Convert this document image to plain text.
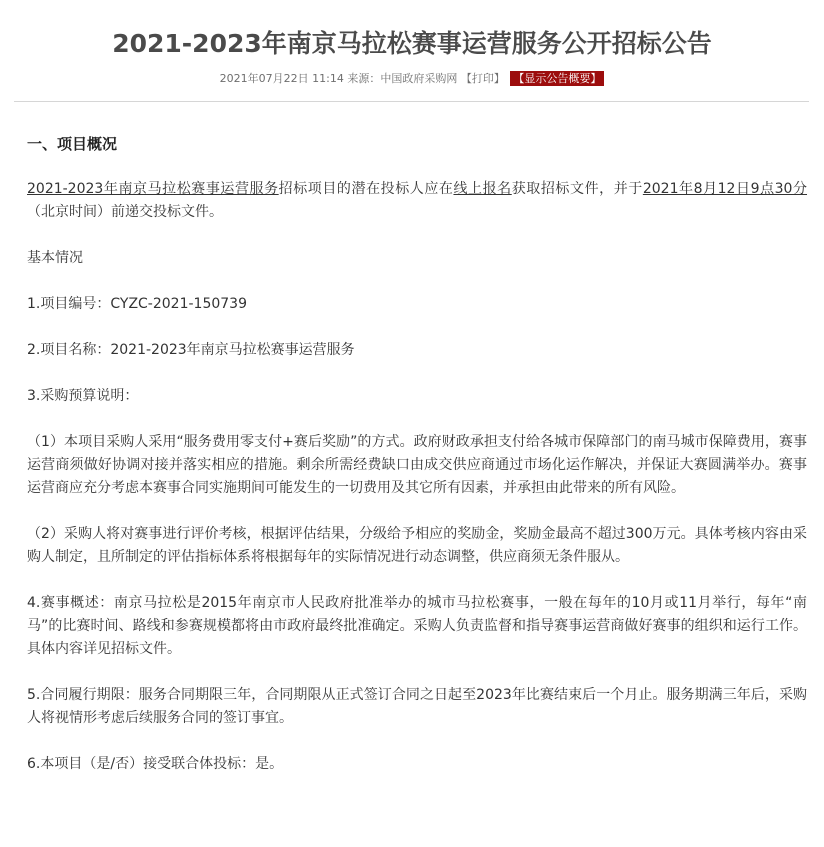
2021-2023年南京马拉松赛事运营服务公开招标公告
2021年07月22日 11:14 来源：中国政府采购网 【打印】 【显示公告概要】
一、项目概况

2021-2023年南京马拉松赛事运营服务招标项目的潜在投标人应在线上报名获取招标文件，并于2021年8月12日9点30分（北京时间）前递交投标文件。

基本情况

1.项目编号：CYZC-2021-150739

2.项目名称：2021-2023年南京马拉松赛事运营服务

3.采购预算说明：

（1）本项目采购人采用“服务费用零支付+赛后奖励”的方式。政府财政承担支付给各城市保障部门的南马城市保障费用，赛事运营商须做好协调对接并落实相应的措施。剩余所需经费缺口由成交供应商通过市场化运作解决，并保证大赛圆满举办。赛事运营商应充分考虑本赛事合同实施期间可能发生的一切费用及其它所有因素，并承担由此带来的所有风险。

（2）采购人将对赛事进行评价考核，根据评估结果，分级给予相应的奖励金，奖励金最高不超过300万元。具体考核内容由采购人制定，且所制定的评估指标体系将根据每年的实际情况进行动态调整，供应商须无条件服从。

4.赛事概述：南京马拉松是2015年南京市人民政府批准举办的城市马拉松赛事，一般在每年的10月或11月举行，每年“南马”的比赛时间、路线和参赛规模都将由市政府最终批准确定。采购人负责监督和指导赛事运营商做好赛事的组织和运行工作。具体内容详见招标文件。

5.合同履行期限：服务合同期限三年，合同期限从正式签订合同之日起至2023年比赛结束后一个月止。服务期满三年后，采购人将视情形考虑后续服务合同的签订事宜。

6.本项目（是/否）接受联合体投标：是。
